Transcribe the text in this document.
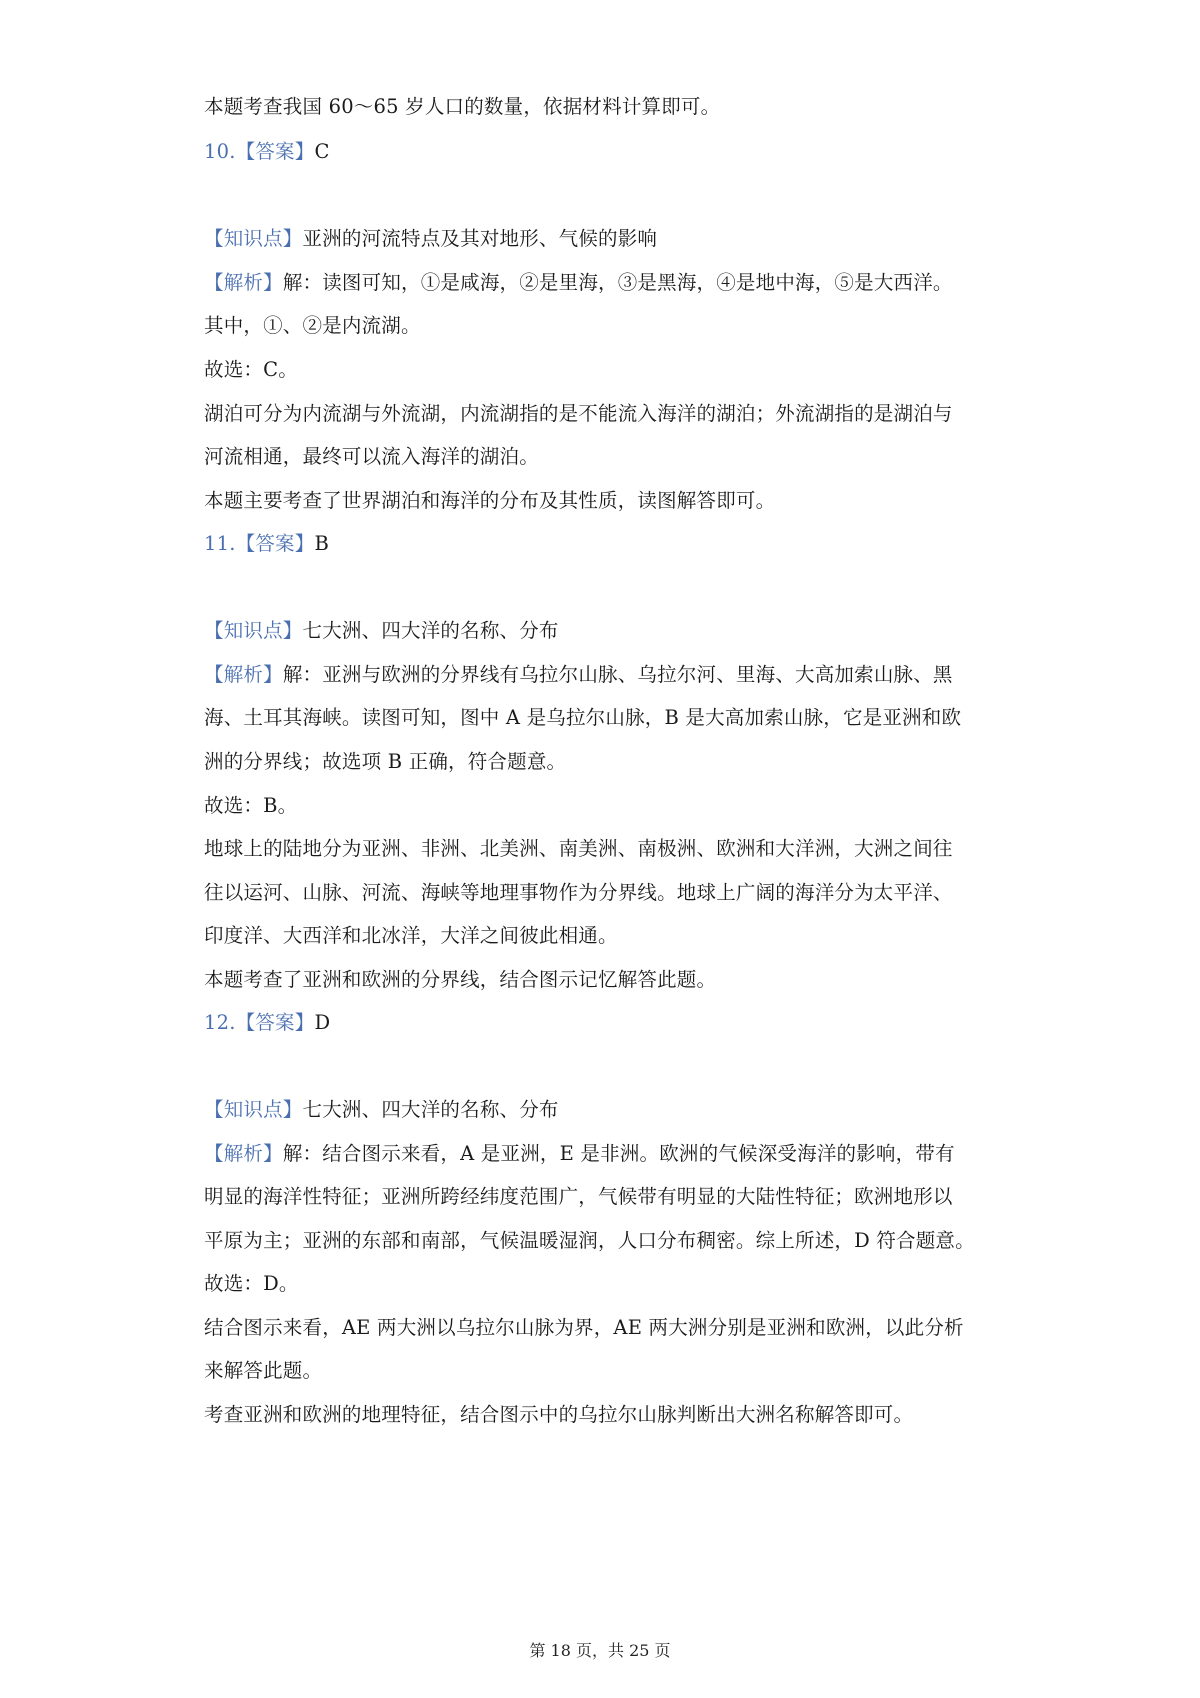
本题考查我国 60～65 岁人口的数量，依据材料计算即可。
10.【答案】C
【知识点】亚洲的河流特点及其对地形、气候的影响
【解析】解：读图可知，①是咸海，②是里海，③是黑海，④是地中海，⑤是大西洋。
其中，①、②是内流湖。
故选：C。
湖泊可分为内流湖与外流湖，内流湖指的是不能流入海洋的湖泊；外流湖指的是湖泊与
河流相通，最终可以流入海洋的湖泊。
本题主要考查了世界湖泊和海洋的分布及其性质，读图解答即可。
11.【答案】B
【知识点】七大洲、四大洋的名称、分布
【解析】解：亚洲与欧洲的分界线有乌拉尔山脉、乌拉尔河、里海、大高加索山脉、黑
海、土耳其海峡。读图可知，图中 A 是乌拉尔山脉，B 是大高加索山脉，它是亚洲和欧
洲的分界线；故选项 B 正确，符合题意。
故选：B。
地球上的陆地分为亚洲、非洲、北美洲、南美洲、南极洲、欧洲和大洋洲，大洲之间往
往以运河、山脉、河流、海峡等地理事物作为分界线。地球上广阔的海洋分为太平洋、
印度洋、大西洋和北冰洋，大洋之间彼此相通。
本题考查了亚洲和欧洲的分界线，结合图示记忆解答此题。
12.【答案】D
【知识点】七大洲、四大洋的名称、分布
【解析】解：结合图示来看，A 是亚洲，E 是非洲。欧洲的气候深受海洋的影响，带有
明显的海洋性特征；亚洲所跨经纬度范围广，气候带有明显的大陆性特征；欧洲地形以
平原为主；亚洲的东部和南部，气候温暖湿润，人口分布稠密。综上所述，D 符合题意。
故选：D。
结合图示来看，AE 两大洲以乌拉尔山脉为界，AE 两大洲分别是亚洲和欧洲，以此分析
来解答此题。
考查亚洲和欧洲的地理特征，结合图示中的乌拉尔山脉判断出大洲名称解答即可。
第 18 页，共 25 页
